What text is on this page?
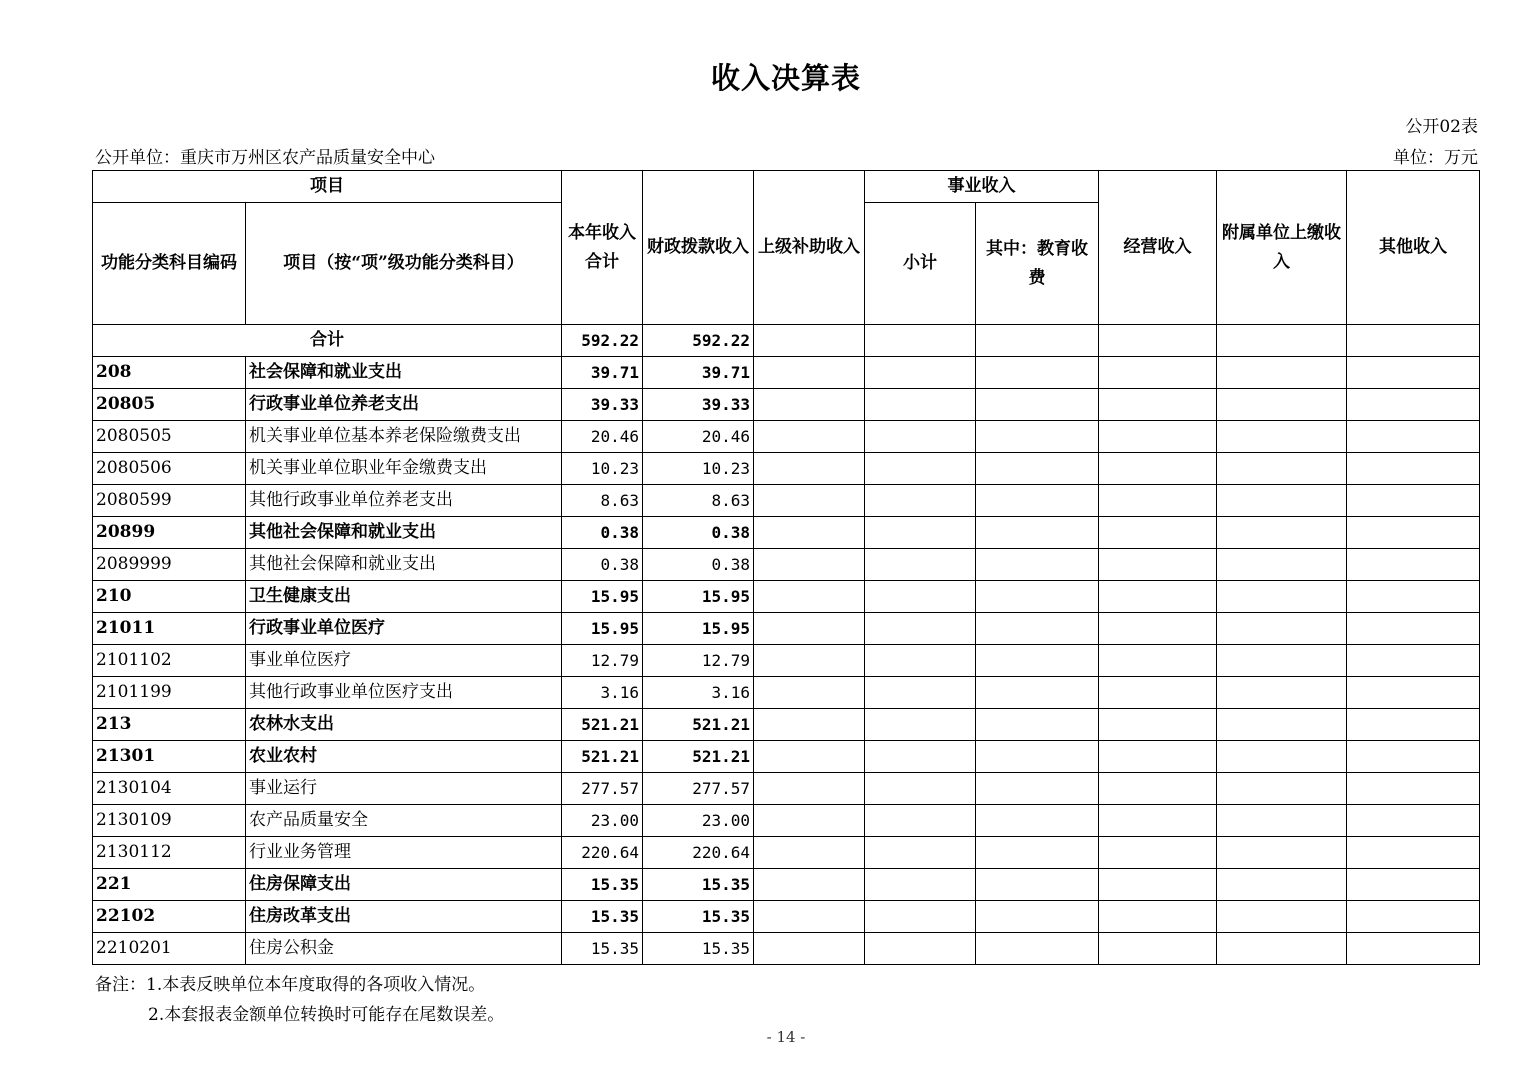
收入决算表
公开02表
公开单位：重庆市万州区农产品质量安全中心	单位：万元
项目		本年收入合计	财政拨款收入	上级补助收入	事业收入		经营收入	附属单位上缴收入	其他收入
功能分类科目编码	项目（按“项”级功能分类科目）				小计	其中：教育收费			
合计		592.22	592.22						
208	社会保障和就业支出	39.71	39.71						
20805	行政事业单位养老支出	39.33	39.33						
2080505	机关事业单位基本养老保险缴费支出	20.46	20.46						
2080506	机关事业单位职业年金缴费支出	10.23	10.23						
2080599	其他行政事业单位养老支出	8.63	8.63						
20899	其他社会保障和就业支出	0.38	0.38						
2089999	其他社会保障和就业支出	0.38	0.38						
210	卫生健康支出	15.95	15.95						
21011	行政事业单位医疗	15.95	15.95						
2101102	事业单位医疗	12.79	12.79						
2101199	其他行政事业单位医疗支出	3.16	3.16						
213	农林水支出	521.21	521.21						
21301	农业农村	521.21	521.21						
2130104	事业运行	277.57	277.57						
2130109	农产品质量安全	23.00	23.00						
2130112	行业业务管理	220.64	220.64						
221	住房保障支出	15.35	15.35						
22102	住房改革支出	15.35	15.35						
2210201	住房公积金	15.35	15.35						
备注：1.本表反映单位本年度取得的各项收入情况。
2.本套报表金额单位转换时可能存在尾数误差。
- 14 -
